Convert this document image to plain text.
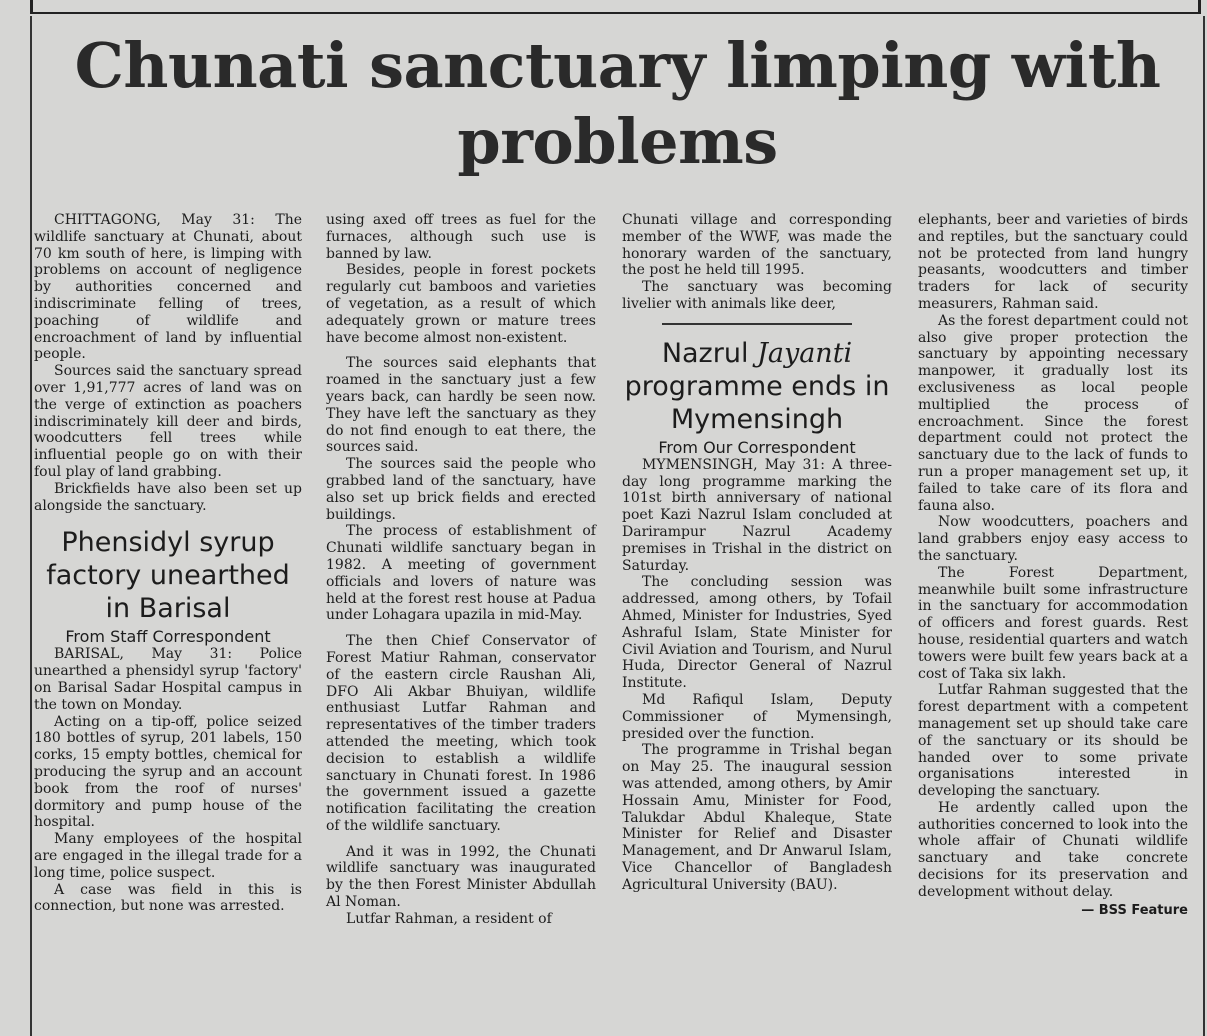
Chunati sanctuary limping with problems

CHITTAGONG, May 31: The wildlife sanctuary at Chunati, about 70 km south of here, is limping with problems on account of negligence by authorities concerned and indiscriminate felling of trees, poaching of wildlife and encroachment of land by influential people.

Sources said the sanctuary spread over 1,91,777 acres of land was on the verge of extinction as poachers indiscriminately kill deer and birds, woodcutters fell trees while influential people go on with their foul play of land grabbing.

Brickfields have also been set up alongside the sanctuary.

Phensidyl syrup factory unearthed in Barisal
From Staff Correspondent

BARISAL, May 31: Police unearthed a phensidyl syrup 'factory' on Barisal Sadar Hospital campus in the town on Monday.

Acting on a tip-off, police seized 180 bottles of syrup, 201 labels, 150 corks, 15 empty bottles, chemical for producing the syrup and an account book from the roof of nurses' dormitory and pump house of the hospital.

Many employees of the hospital are engaged in the illegal trade for a long time, police suspect.

A case was field in this is connection, but none was arrested.

using axed off trees as fuel for the furnaces, although such use is banned by law.

Besides, people in forest pockets regularly cut bamboos and varieties of vegetation, as a result of which adequately grown or mature trees have become almost non-existent.

The sources said elephants that roamed in the sanctuary just a few years back, can hardly be seen now. They have left the sanctuary as they do not find enough to eat there, the sources said.

The sources said the people who grabbed land of the sanctuary, have also set up brick fields and erected buildings.

The process of establishment of Chunati wildlife sanctuary began in 1982. A meeting of government officials and lovers of nature was held at the forest rest house at Padua under Lohagara upazila in mid-May.

The then Chief Conservator of Forest Matiur Rahman, conservator of the eastern circle Raushan Ali, DFO Ali Akbar Bhuiyan, wildlife enthusiast Lutfar Rahman and representatives of the timber traders attended the meeting, which took decision to establish a wildlife sanctuary in Chunati forest. In 1986 the government issued a gazette notification facilitating the creation of the wildlife sanctuary.

And it was in 1992, the Chunati wildlife sanctuary was inaugurated by the then Forest Minister Abdullah Al Noman.

Lutfar Rahman, a resident of

Chunati village and corresponding member of the WWF, was made the honorary warden of the sanctuary, the post he held till 1995.

The sanctuary was becoming livelier with animals like deer,

Nazrul Jayanti programme ends in Mymensingh
From Our Correspondent

MYMENSINGH, May 31: A three-day long programme marking the 101st birth anniversary of national poet Kazi Nazrul Islam concluded at Darirampur Nazrul Academy premises in Trishal in the district on Saturday.

The concluding session was addressed, among others, by Tofail Ahmed, Minister for Industries, Syed Ashraful Islam, State Minister for Civil Aviation and Tourism, and Nurul Huda, Director General of Nazrul Institute.

Md Rafiqul Islam, Deputy Commissioner of Mymensingh, presided over the function.

The programme in Trishal began on May 25. The inaugural session was attended, among others, by Amir Hossain Amu, Minister for Food, Talukdar Abdul Khaleque, State Minister for Relief and Disaster Management, and Dr Anwarul Islam, Vice Chancellor of Bangladesh Agricultural University (BAU).

elephants, beer and varieties of birds and reptiles, but the sanctuary could not be protected from land hungry peasants, woodcutters and timber traders for lack of security measurers, Rahman said.

As the forest department could not also give proper protection the sanctuary by appointing necessary manpower, it gradually lost its exclusiveness as local people multiplied the process of encroachment. Since the forest department could not protect the sanctuary due to the lack of funds to run a proper management set up, it failed to take care of its flora and fauna also.

Now woodcutters, poachers and land grabbers enjoy easy access to the sanctuary.

The Forest Department, meanwhile built some infrastructure in the sanctuary for accommodation of officers and forest guards. Rest house, residential quarters and watch towers were built few years back at a cost of Taka six lakh.

Lutfar Rahman suggested that the forest department with a competent management set up should take care of the sanctuary or its should be handed over to some private organisations interested in developing the sanctuary.

He ardently called upon the authorities concerned to look into the whole affair of Chunati wildlife sanctuary and take concrete decisions for its preservation and development without delay.

— BSS Feature
